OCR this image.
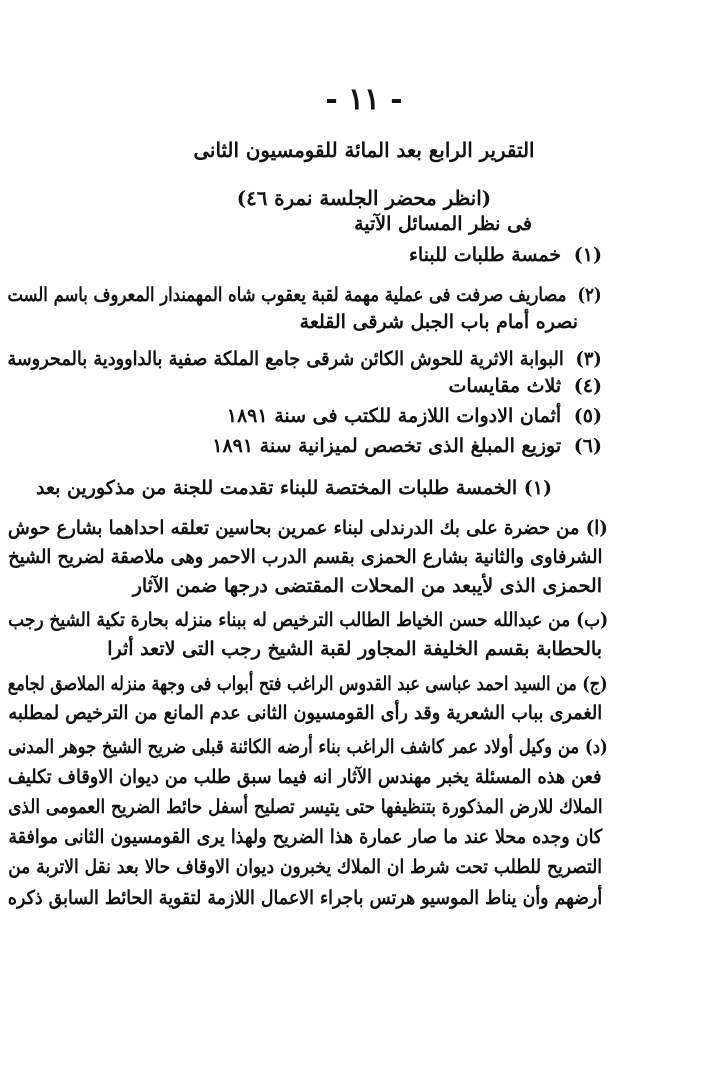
- ١١ -
التقرير الرابع بعد المائة للقومسيون الثانى
(انظر محضر الجلسة نمرة ٤٦)
فى نظر المسائل الآتية
(١) خمسة طلبات للبناء
(٢) مصاريف صرفت فى عملية مهمة لقبة يعقوب شاه المهمندار المعروف باسم الست
نصره أمام باب الجبل شرقى القلعة
(٣) البوابة الاثرية للحوش الكائن شرقى جامع الملكة صفية بالداوودية بالمحروسة
(٤) ثلاث مقايسات
(٥) أثمان الادوات اللازمة للكتب فى سنة ١٨٩١
(٦) توزيع المبلغ الذى تخصص لميزانية سنة ١٨٩١
(١) الخمسة طلبات المختصة للبناء تقدمت للجنة من مذكورين بعد
(ا) من حضرة على بك الدرندلى لبناء عمرين بحاسين تعلقه احداهما بشارع حوش
الشرفاوى والثانية بشارع الحمزى بقسم الدرب الاحمر وهى ملاصقة لضريح الشيخ
الحمزى الذى لأيبعد من المحلات المقتضى درجها ضمن الآثار
(ب) من عبدالله حسن الخياط الطالب الترخيص له ببناء منزله بحارة تكية الشيخ رجب
بالحطابة بقسم الخليفة المجاور لقبة الشيخ رجب التى لاتعد أثرا
(ج) من السيد احمد عباسى عبد القدوس الراغب فتح أبواب فى وجهة منزله الملاصق لجامع
الغمرى بباب الشعرية وقد رأى القومسيون الثانى عدم المانع من الترخيص لمطلبه
(د) من وكيل أولاد عمر كاشف الراغب بناء أرضه الكائنة قبلى ضريح الشيخ جوهر المدنى
فعن هذه المسئلة يخبر مهندس الآثار انه فيما سبق طلب من ديوان الاوقاف تكليف
الملاك للارض المذكورة بتنظيفها حتى يتيسر تصليح أسفل حائط الضريح العمومى الذى
كان وجده محلا عند ما صار عمارة هذا الضريح ولهذا يرى القومسيون الثانى موافقة
التصريح للطلب تحت شرط ان الملاك يخبرون ديوان الاوقاف حالا بعد نقل الاتربة من
أرضهم وأن يناط الموسيو هرتس باجراء الاعمال اللازمة لتقوية الحائط السابق ذكره
